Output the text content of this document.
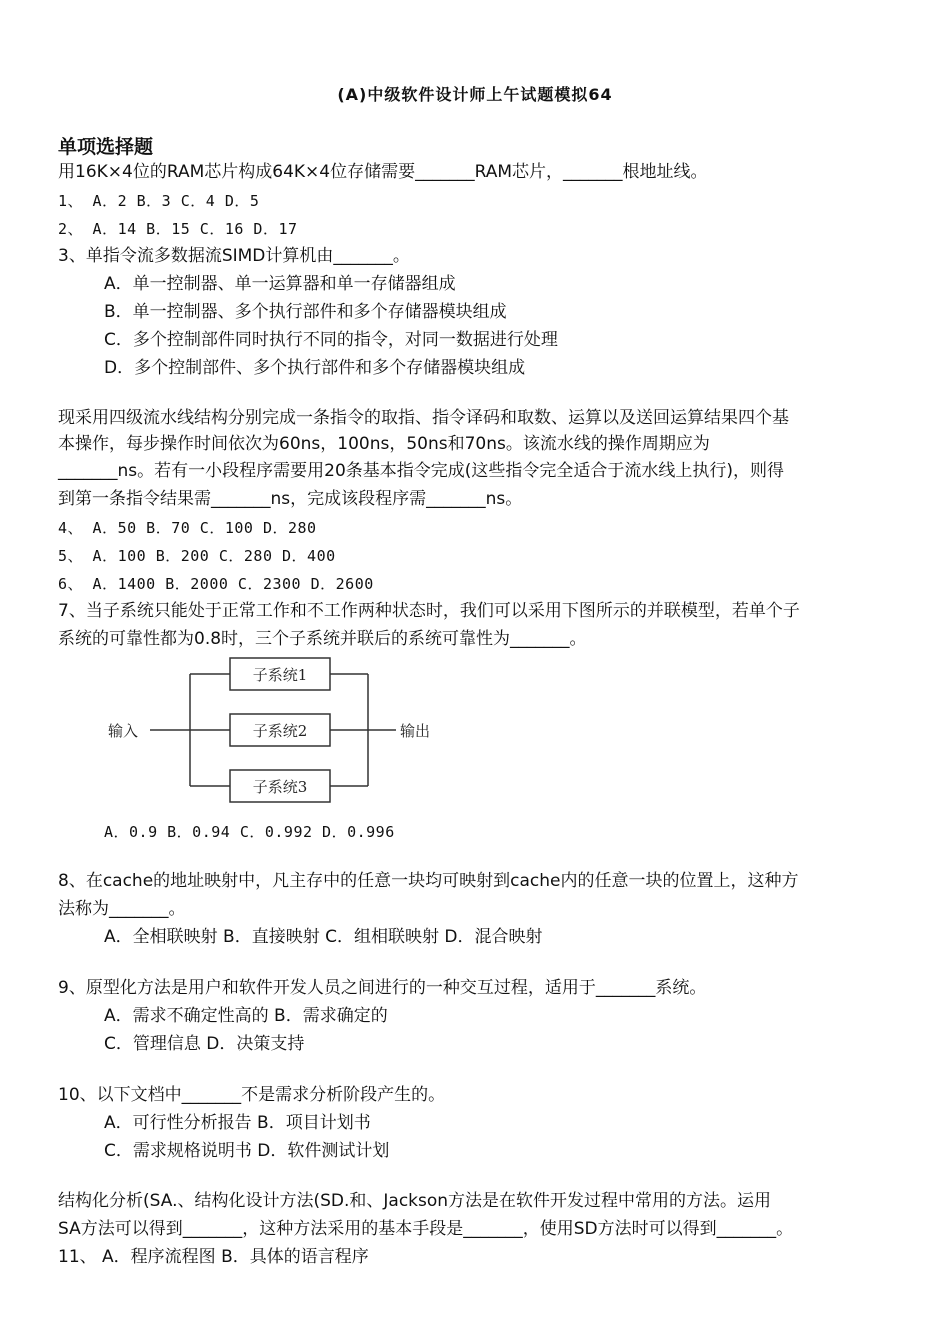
(A)中级软件设计师上午试题模拟64
单项选择题
用16K×4位的RAM芯片构成64K×4位存储需要_______RAM芯片，_______根地址线。
1、 A．2 B．3 C．4 D．5
2、 A．14 B．15 C．16 D．17
3、单指令流多数据流SIMD计算机由_______。
A．单一控制器、单一运算器和单一存储器组成
B．单一控制器、多个执行部件和多个存储器模块组成
C．多个控制部件同时执行不同的指令，对同一数据进行处理
D．多个控制部件、多个执行部件和多个存储器模块组成
现采用四级流水线结构分别完成一条指令的取指、指令译码和取数、运算以及送回运算结果四个基
本操作，每步操作时间依次为60ns，100ns，50ns和70ns。该流水线的操作周期应为
_______ns。若有一小段程序需要用20条基本指令完成(这些指令完全适合于流水线上执行)，则得
到第一条指令结果需_______ns，完成该段程序需_______ns。
4、 A．50 B．70 C．100 D．280
5、 A．100 B．200 C．280 D．400
6、 A．1400 B．2000 C．2300 D．2600
7、当子系统只能处于正常工作和不工作两种状态时，我们可以采用下图所示的并联模型，若单个子
系统的可靠性都为0.8时，三个子系统并联后的系统可靠性为_______。
子系统1
子系统2
子系统3
输入	输出
A．0.9 B．0.94 C．0.992 D．0.996
8、在cache的地址映射中，凡主存中的任意一块均可映射到cache内的任意一块的位置上，这种方
法称为_______。
A．全相联映射 B．直接映射 C．组相联映射 D．混合映射
9、原型化方法是用户和软件开发人员之间进行的一种交互过程，适用于_______系统。
A．需求不确定性高的 B．需求确定的
C．管理信息 D．决策支持
10、以下文档中_______不是需求分析阶段产生的。
A．可行性分析报告 B．项目计划书
C．需求规格说明书 D．软件测试计划
结构化分析(SA.、结构化设计方法(SD.和、Jackson方法是在软件开发过程中常用的方法。运用
SA方法可以得到_______，这种方法采用的基本手段是_______，使用SD方法时可以得到_______。
11、 A．程序流程图 B．具体的语言程序
